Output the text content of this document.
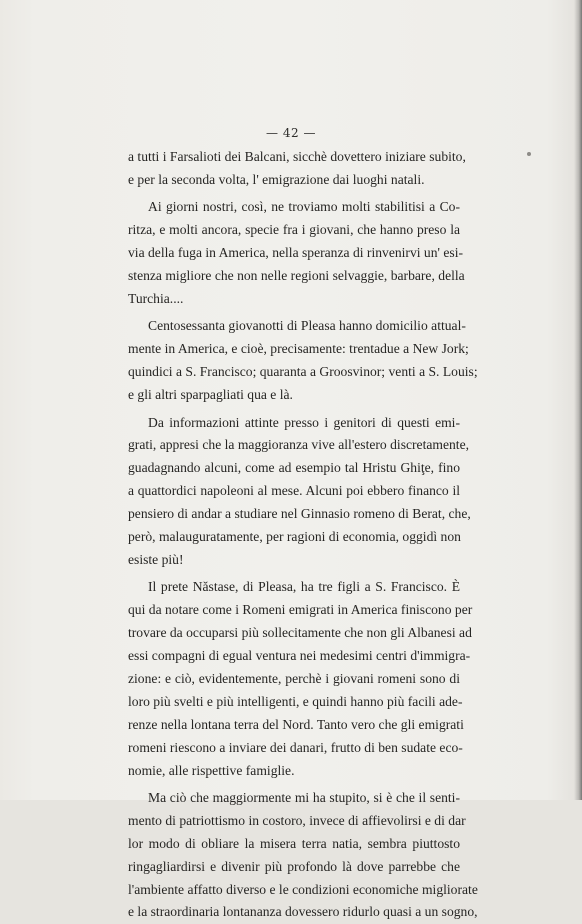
— 42 —

a tutti i Farsalioti dei Balcani, sicchè dovettero iniziare subito,
e per la seconda volta, l' emigrazione dai luoghi natali.

Ai giorni nostri, così, ne troviamo molti stabilitisi a Co-
ritza, e molti ancora, specie fra i giovani, che hanno preso la
via della fuga in America, nella speranza di rinvenirvi un' esi-
stenza migliore che non nelle regioni selvaggie, barbare, della
Turchia....

Centosessanta giovanotti di Pleasa hanno domicilio attual-
mente in America, e cioè, precisamente: trentadue a New Jork;
quindici a S. Francisco; quaranta a Groosvinor; venti a S. Louis;
e gli altri sparpagliati qua e là.

Da informazioni attinte presso i genitori di questi emi-
grati, appresi che la maggioranza vive all'estero discretamente,
guadagnando alcuni, come ad esempio tal Hristu Ghiţe, fino
a quattordici napoleoni al mese. Alcuni poi ebbero financo il
pensiero di andar a studiare nel Ginnasio romeno di Berat, che,
però, malauguratamente, per ragioni di economia, oggidì non
esiste più!

Il prete Năstase, di Pleasa, ha tre figli a S. Francisco. È
qui da notare come i Romeni emigrati in America finiscono per
trovare da occuparsi più sollecitamente che non gli Albanesi ad
essi compagni di egual ventura nei medesimi centri d'immigra-
zione: e ciò, evidentemente, perchè i giovani romeni sono di
loro più svelti e più intelligenti, e quindi hanno più facili ade-
renze nella lontana terra del Nord. Tanto vero che gli emigrati
romeni riescono a inviare dei danari, frutto di ben sudate eco-
nomie, alle rispettive famiglie.

Ma ciò che maggiormente mi ha stupito, si è che il senti-
mento di patriottismo in costoro, invece di affievolirsi e di dar
lor modo di obliare la misera terra natia, sembra piuttosto
ringagliardirsi e divenir più profondo là dove parrebbe che
l'ambiente affatto diverso e le condizioni economiche migliorate
e la straordinaria lontananza dovessero ridurlo quasi a un sogno,
